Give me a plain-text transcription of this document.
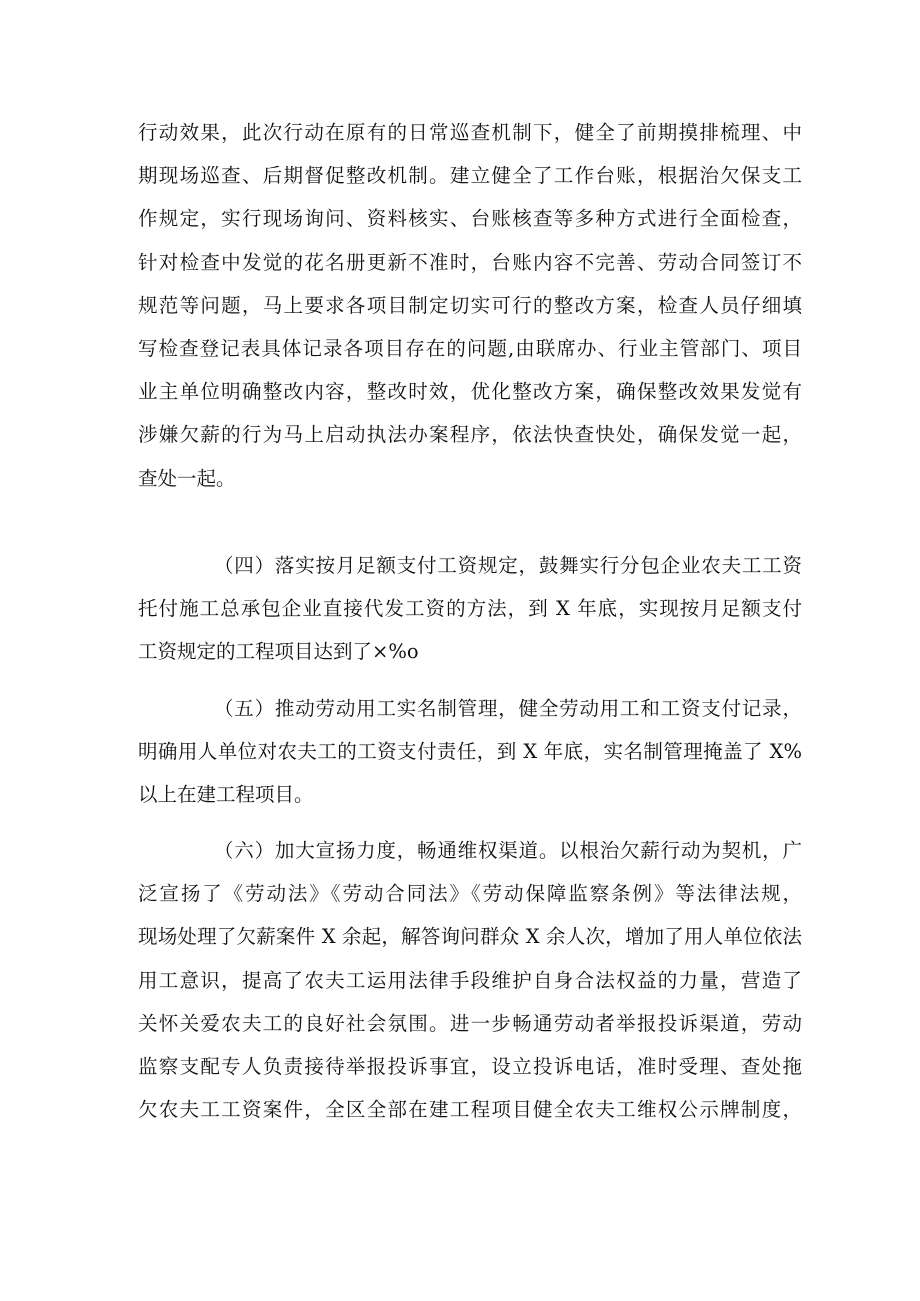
行动效果，此次行动在原有的日常巡查机制下，健全了前期摸排梳理、中
期现场巡查、后期督促整改机制。建立健全了工作台账，根据治欠保支工
作规定，实行现场询问、资料核实、台账核查等多种方式进行全面检查，
针对检查中发觉的花名册更新不准时，台账内容不完善、劳动合同签订不
规范等问题，马上要求各项目制定切实可行的整改方案，检查人员仔细填
写检查登记表具体记录各项目存在的问题,由联席办、行业主管部门、项目
业主单位明确整改内容，整改时效，优化整改方案，确保整改效果发觉有
涉嫌欠薪的行为马上启动执法办案程序，依法快查快处，确保发觉一起，
查处一起。
（四）落实按月足额支付工资规定，鼓舞实行分包企业农夫工工资
托付施工总承包企业直接代发工资的方法，到 X 年底，实现按月足额支付
工资规定的工程项目达到了×%o
（五）推动劳动用工实名制管理，健全劳动用工和工资支付记录，
明确用人单位对农夫工的工资支付责任，到 X 年底，实名制管理掩盖了 X%
以上在建工程项目。
（六）加大宣扬力度，畅通维权渠道。以根治欠薪行动为契机，广
泛宣扬了《劳动法》《劳动合同法》《劳动保障监察条例》等法律法规，
现场处理了欠薪案件 X 余起，解答询问群众 X 余人次，增加了用人单位依法
用工意识，提高了农夫工运用法律手段维护自身合法权益的力量，营造了
关怀关爱农夫工的良好社会氛围。进一步畅通劳动者举报投诉渠道，劳动
监察支配专人负责接待举报投诉事宜，设立投诉电话，准时受理、查处拖
欠农夫工工资案件，全区全部在建工程项目健全农夫工维权公示牌制度，
